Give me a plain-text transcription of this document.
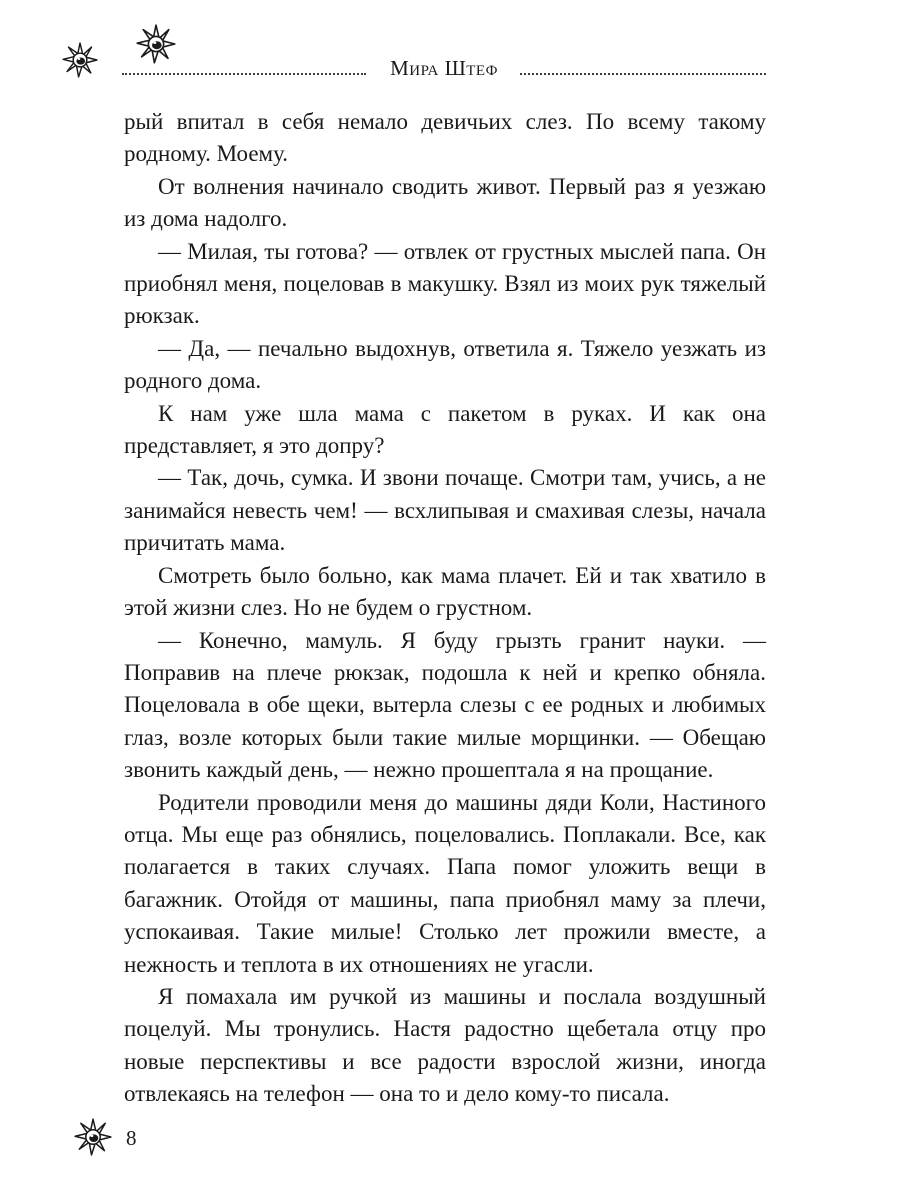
Мира Штеф

рый впитал в себя немало девичьих слез. По всему такому родному. Моему.

От волнения начинало сводить живот. Первый раз я уезжаю из дома надолго.

— Милая, ты готова? — отвлек от грустных мыслей папа. Он приобнял меня, поцеловав в макушку. Взял из моих рук тяжелый рюкзак.

— Да, — печально выдохнув, ответила я. Тяжело уезжать из родного дома.

К нам уже шла мама с пакетом в руках. И как она представляет, я это допру?

— Так, дочь, сумка. И звони почаще. Смотри там, учись, а не занимайся невесть чем! — всхлипывая и смахивая слезы, начала причитать мама.

Смотреть было больно, как мама плачет. Ей и так хватило в этой жизни слез. Но не будем о грустном.

— Конечно, мамуль. Я буду грызть гранит науки. — Поправив на плече рюкзак, подошла к ней и крепко обняла. Поцеловала в обе щеки, вытерла слезы с ее родных и любимых глаз, возле которых были такие милые морщинки. — Обещаю звонить каждый день, — нежно прошептала я на прощание.

Родители проводили меня до машины дяди Коли, Настиного отца. Мы еще раз обнялись, поцеловались. Поплакали. Все, как полагается в таких случаях. Папа помог уложить вещи в багажник. Отойдя от машины, папа приобнял маму за плечи, успокаивая. Такие милые! Столько лет прожили вместе, а нежность и теплота в их отношениях не угасли.

Я помахала им ручкой из машины и послала воздушный поцелуй. Мы тронулись. Настя радостно щебетала отцу про новые перспективы и все радости взрослой жизни, иногда отвлекаясь на телефон — она то и дело кому-то писала.

8
